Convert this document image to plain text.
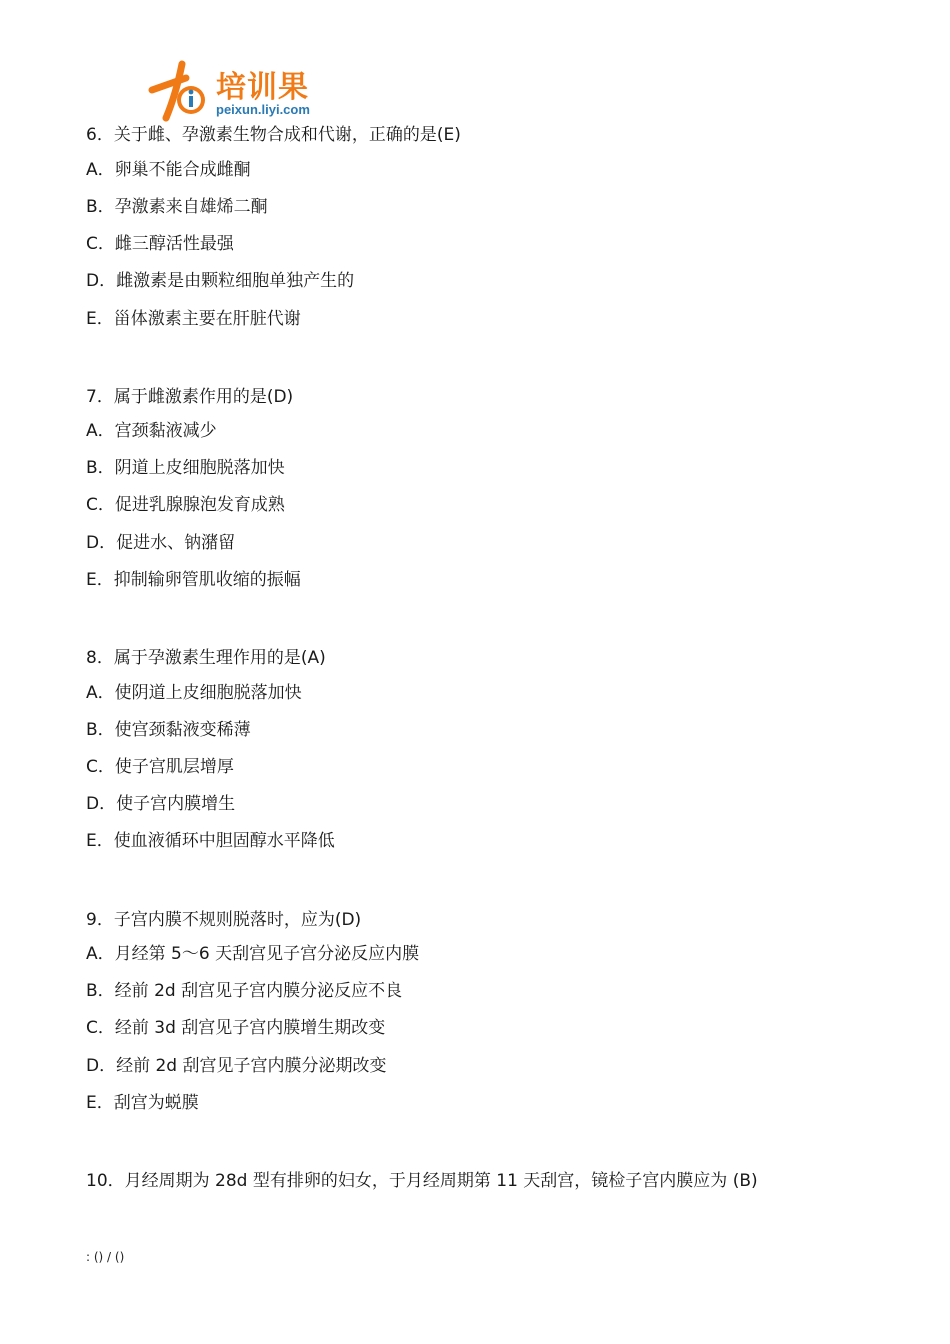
培训果
peixun.liyi.com
6．关于雌、孕激素生物合成和代谢，正确的是(E)
A．卵巢不能合成雌酮
B．孕激素来自雄烯二酮
C．雌三醇活性最强
D．雌激素是由颗粒细胞单独产生的
E．甾体激素主要在肝脏代谢
7．属于雌激素作用的是(D)
A．宫颈黏液减少
B．阴道上皮细胞脱落加快
C．促进乳腺腺泡发育成熟
D．促进水、钠潴留
E．抑制输卵管肌收缩的振幅
8．属于孕激素生理作用的是(A)
A．使阴道上皮细胞脱落加快
B．使宫颈黏液变稀薄
C．使子宫肌层增厚
D．使子宫内膜增生
E．使血液循环中胆固醇水平降低
9．子宫内膜不规则脱落时，应为(D)
A．月经第 5～6 天刮宫见子宫分泌反应内膜
B．经前 2d 刮宫见子宫内膜分泌反应不良
C．经前 3d 刮宫见子宫内膜增生期改变
D．经前 2d 刮宫见子宫内膜分泌期改变
E．刮宫为蜕膜
10．月经周期为 28d 型有排卵的妇女，于月经周期第 11 天刮宫，镜检子宫内膜应为 (B)
: () / ()
